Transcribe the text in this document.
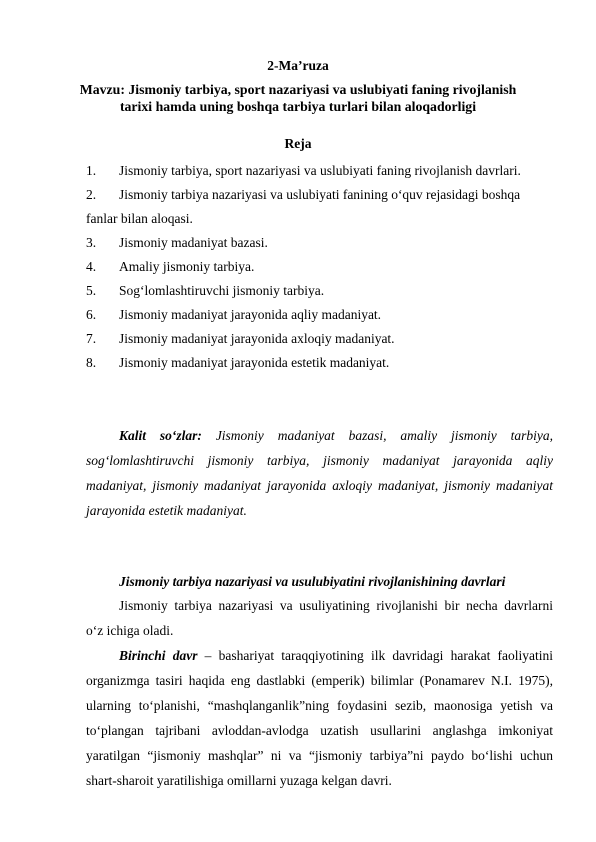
2-Ma’ruza
Mavzu: Jismoniy tarbiya, sport nazariyasi va uslubiyati faning rivojlanish
tarixi hamda uning boshqa tarbiya turlari bilan aloqadorligi
Reja
1. Jismoniy tarbiya, sport nazariyasi va uslubiyati faning rivojlanish davrlari.
2. Jismoniy tarbiya nazariyasi va uslubiyati fanining o‘quv rejasidagi boshqa
fanlar bilan aloqasi.
3. Jismoniy madaniyat bazasi.
4. Amaliy jismoniy tarbiya.
5. Sog‘lomlashtiruvchi jismoniy tarbiya.
6. Jismoniy madaniyat jarayonida aqliy madaniyat.
7. Jismoniy madaniyat jarayonida axloqiy madaniyat.
8. Jismoniy madaniyat jarayonida estetik madaniyat.
Kalit so‘zlar: Jismoniy madaniyat bazasi, amaliy jismoniy tarbiya,
sog‘lomlashtiruvchi jismoniy tarbiya, jismoniy madaniyat jarayonida aqliy
madaniyat, jismoniy madaniyat jarayonida axloqiy madaniyat, jismoniy madaniyat
jarayonida estetik madaniyat.
Jismoniy tarbiya nazariyasi va usulubiyatini rivojlanishining davrlari
Jismoniy tarbiya nazariyasi va usuliyatining rivojlanishi bir necha davrlarni
o‘z ichiga oladi.
Birinchi davr – bashariyat taraqqiyotining ilk davridagi harakat faoliyatini
organizmga tasiri haqida eng dastlabki (emperik) bilimlar (Ponamarev N.I. 1975),
ularning to‘planishi, “mashqlanganlik”ning foydasini sezib, maonosiga yetish va
to‘plangan tajribani avloddan-avlodga uzatish usullarini anglashga imkoniyat
yaratilgan “jismoniy mashqlar” ni va “jismoniy tarbiya”ni paydo bo‘lishi uchun
shart-sharoit yaratilishiga omillarni yuzaga kelgan davri.
